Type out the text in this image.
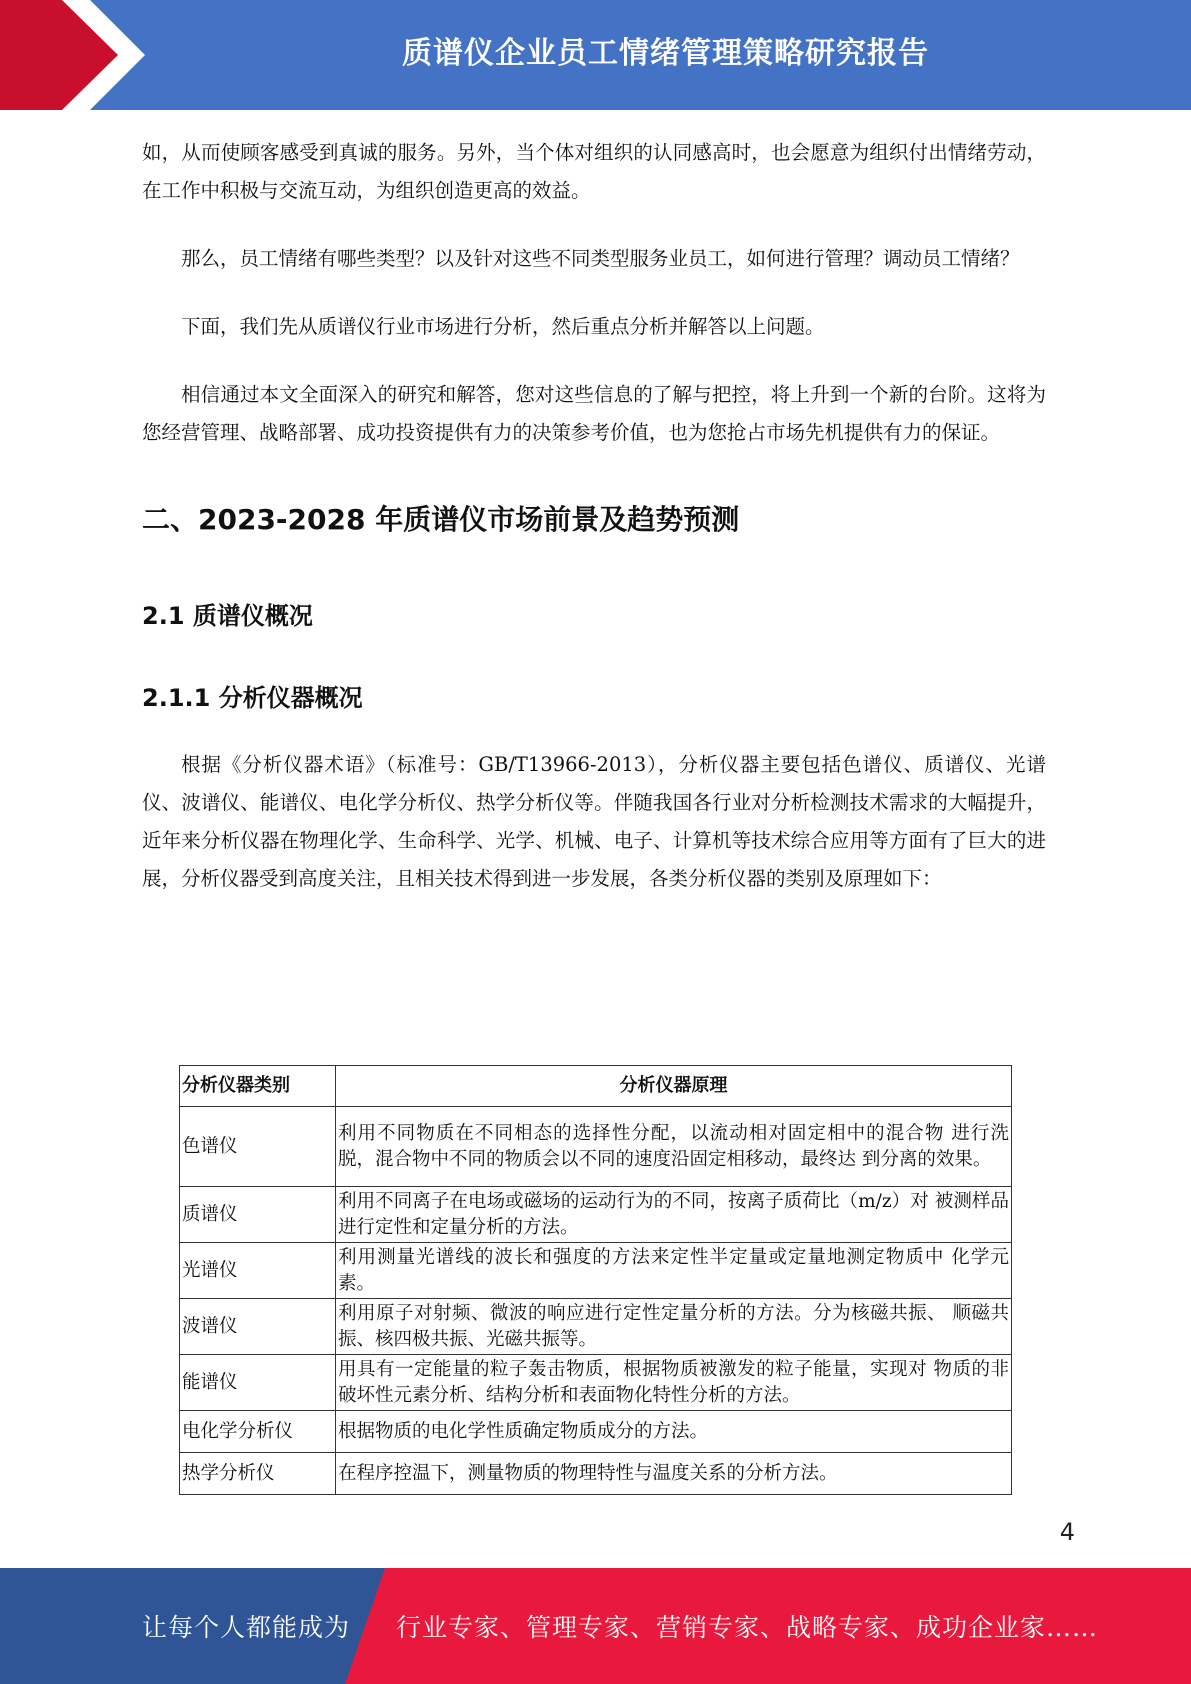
质谱仪企业员工情绪管理策略研究报告

如，从而使顾客感受到真诚的服务。另外，当个体对组织的认同感高时，也会愿意为组织付出情绪劳动，在工作中积极与交流互动，为组织创造更高的效益。

那么，员工情绪有哪些类型？以及针对这些不同类型服务业员工，如何进行管理？调动员工情绪？

下面，我们先从质谱仪行业市场进行分析，然后重点分析并解答以上问题。

相信通过本文全面深入的研究和解答，您对这些信息的了解与把控，将上升到一个新的台阶。这将为您经营管理、战略部署、成功投资提供有力的决策参考价值，也为您抢占市场先机提供有力的保证。

二、2023-2028 年质谱仪市场前景及趋势预测
2.1 质谱仪概况
2.1.1 分析仪器概况

根据《分析仪器术语》（标准号：GB/T13966-2013），分析仪器主要包括色谱仪、质谱仪、光谱仪、波谱仪、能谱仪、电化学分析仪、热学分析仪等。伴随我国各行业对分析检测技术需求的大幅提升，近年来分析仪器在物理化学、生命科学、光学、机械、电子、计算机等技术综合应用等方面有了巨大的进展，分析仪器受到高度关注，且相关技术得到进一步发展，各类分析仪器的类别及原理如下：

分析仪器类别	分析仪器原理
色谱仪	利用不同物质在不同相态的选择性分配，以流动相对固定相中的混合物 进行洗脱，混合物中不同的物质会以不同的速度沿固定相移动，最终达 到分离的效果。
质谱仪	利用不同离子在电场或磁场的运动行为的不同，按离子质荷比（m/z）对 被测样品进行定性和定量分析的方法。
光谱仪	利用测量光谱线的波长和强度的方法来定性半定量或定量地测定物质中 化学元素。
波谱仪	利用原子对射频、微波的响应进行定性定量分析的方法。分为核磁共振、 顺磁共振、核四极共振、光磁共振等。
能谱仪	用具有一定能量的粒子轰击物质，根据物质被激发的粒子能量，实现对 物质的非破坏性元素分析、结构分析和表面物化特性分析的方法。
电化学分析仪	根据物质的电化学性质确定物质成分的方法。
热学分析仪	在程序控温下，测量物质的物理特性与温度关系的分析方法。
4
让每个人都能成为 行业专家、管理专家、营销专家、战略专家、成功企业家……
